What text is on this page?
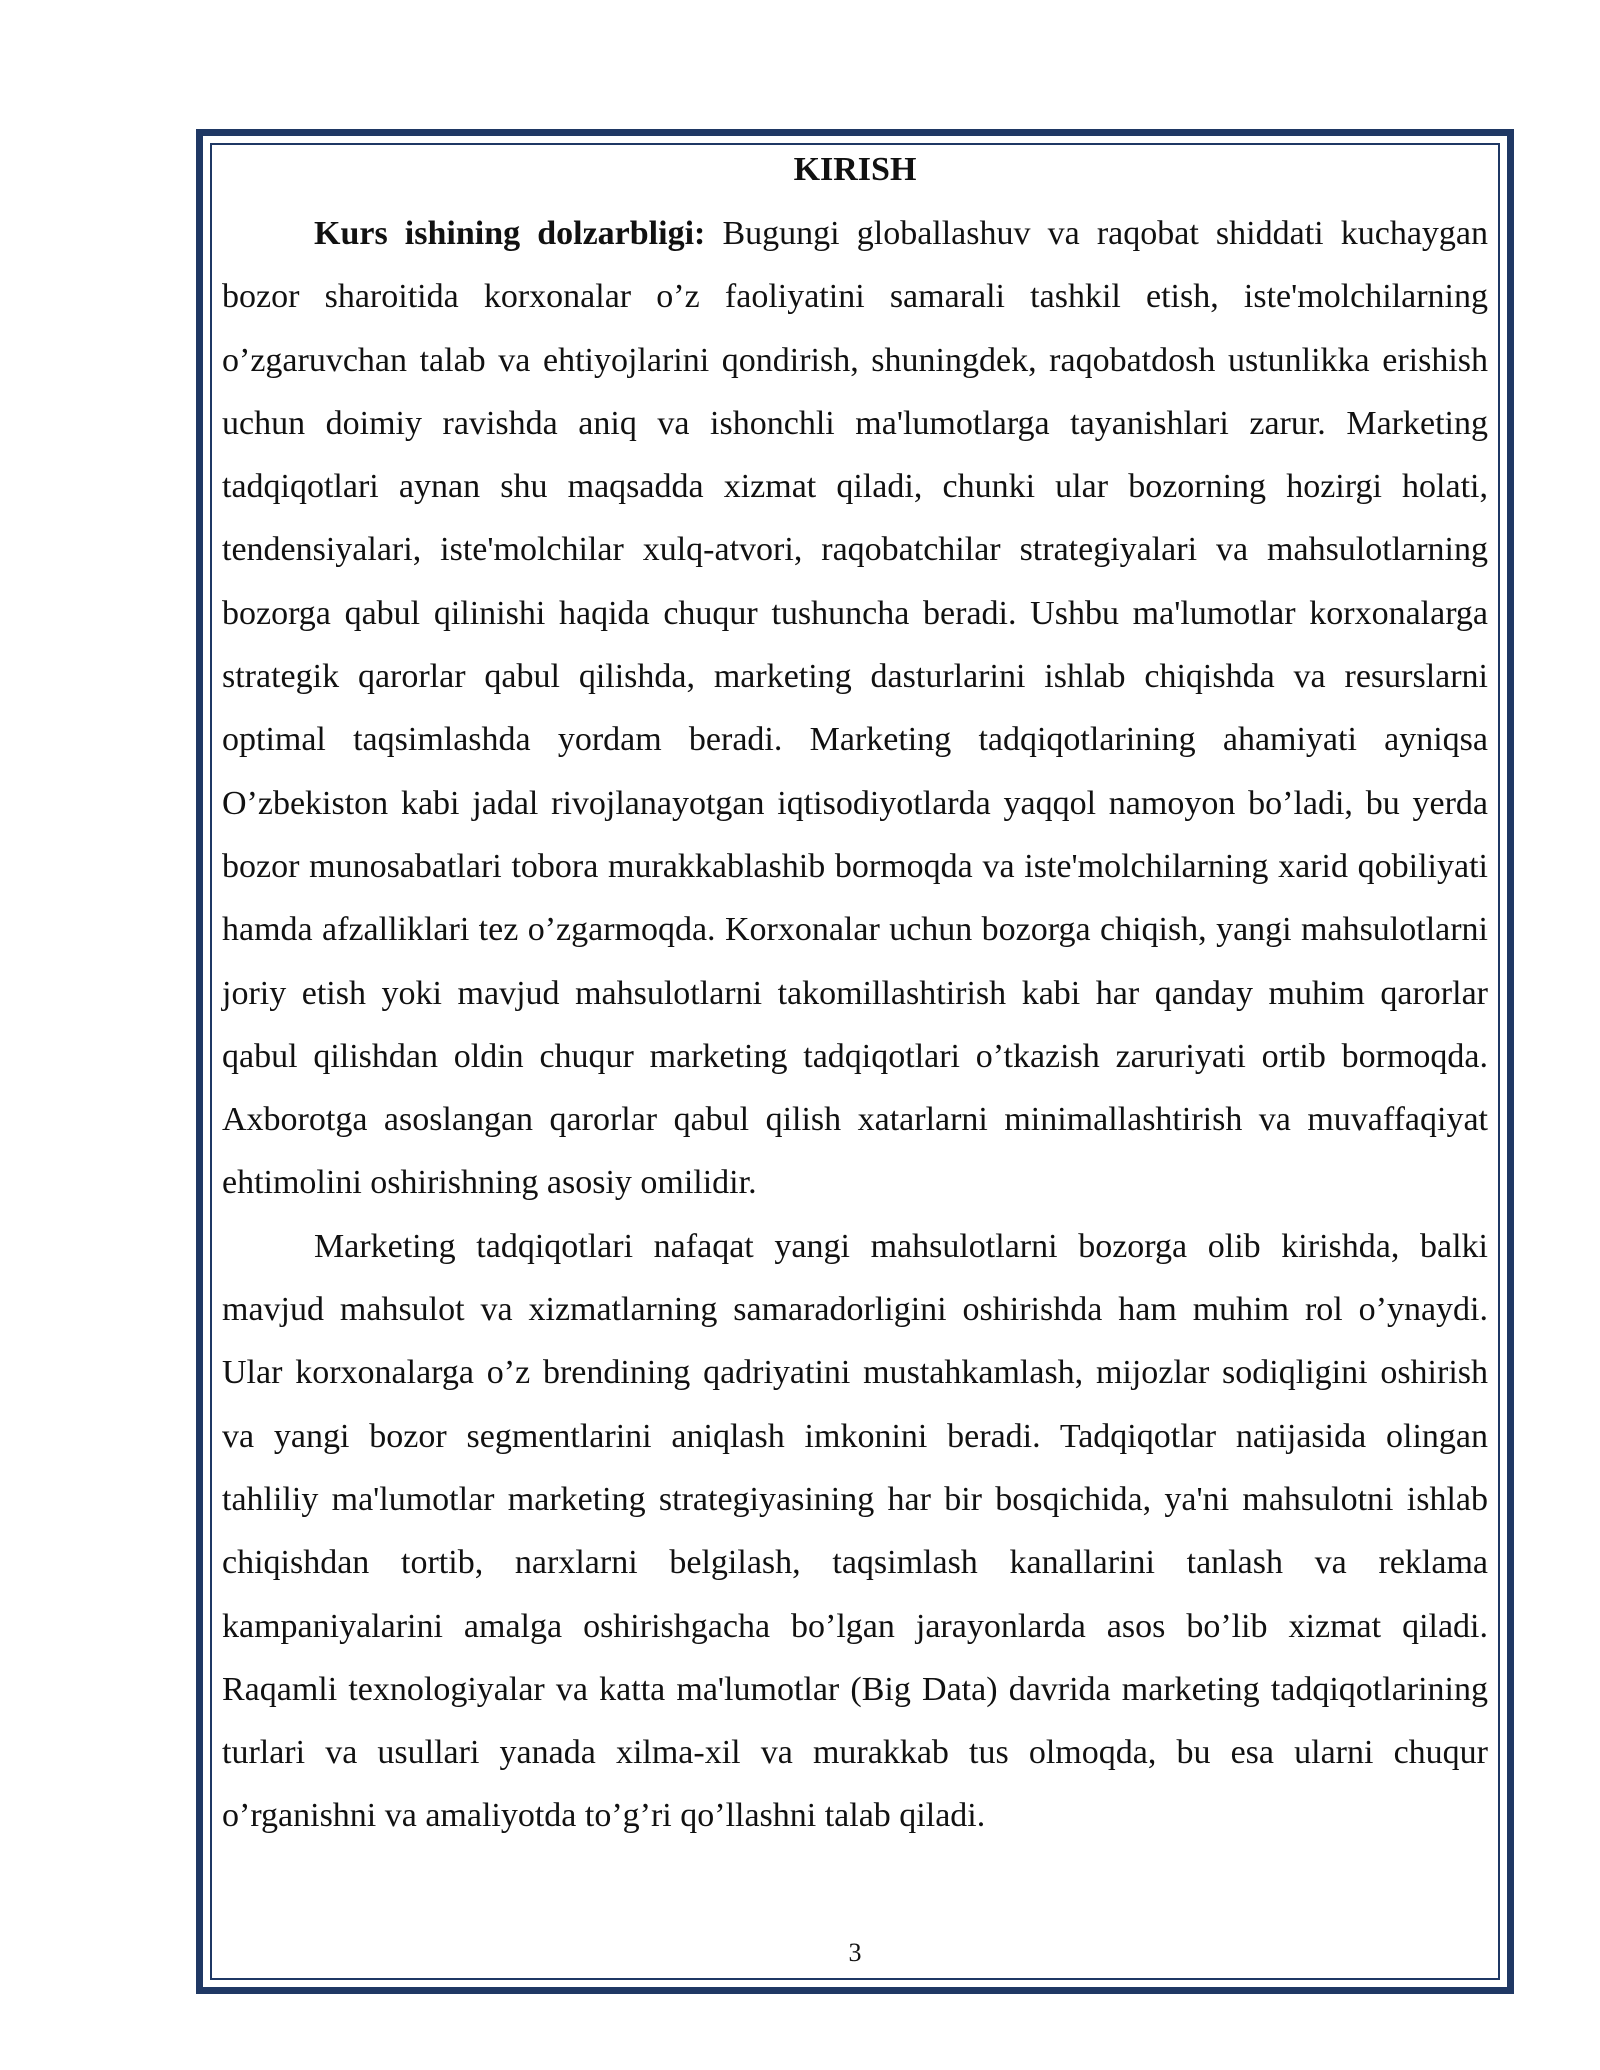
KIRISH

Kurs ishining dolzarbligi: Bugungi globallashuv va raqobat shiddati kuchaygan bozor sharoitida korxonalar o’z faoliyatini samarali tashkil etish, iste'molchilarning o’zgaruvchan talab va ehtiyojlarini qondirish, shuningdek, raqobatdosh ustunlikka erishish uchun doimiy ravishda aniq va ishonchli ma'lumotlarga tayanishlari zarur. Marketing tadqiqotlari aynan shu maqsadda xizmat qiladi, chunki ular bozorning hozirgi holati, tendensiyalari, iste'molchilar xulq-atvori, raqobatchilar strategiyalari va mahsulotlarning bozorga qabul qilinishi haqida chuqur tushuncha beradi. Ushbu ma'lumotlar korxonalarga strategik qarorlar qabul qilishda, marketing dasturlarini ishlab chiqishda va resurslarni optimal taqsimlashda yordam beradi. Marketing tadqiqotlarining ahamiyati ayniqsa O’zbekiston kabi jadal rivojlanayotgan iqtisodiyotlarda yaqqol namoyon bo’ladi, bu yerda bozor munosabatlari tobora murakkablashib bormoqda va iste'molchilarning xarid qobiliyati hamda afzalliklari tez o’zgarmoqda. Korxonalar uchun bozorga chiqish, yangi mahsulotlarni joriy etish yoki mavjud mahsulotlarni takomillashtirish kabi har qanday muhim qarorlar qabul qilishdan oldin chuqur marketing tadqiqotlari o’tkazish zaruriyati ortib bormoqda. Axborotga asoslangan qarorlar qabul qilish xatarlarni minimallashtirish va muvaffaqiyat ehtimolini oshirishning asosiy omilidir.

Marketing tadqiqotlari nafaqat yangi mahsulotlarni bozorga olib kirishda, balki mavjud mahsulot va xizmatlarning samaradorligini oshirishda ham muhim rol o’ynaydi. Ular korxonalarga o’z brendining qadriyatini mustahkamlash, mijozlar sodiqligini oshirish va yangi bozor segmentlarini aniqlash imkonini beradi. Tadqiqotlar natijasida olingan tahliliy ma'lumotlar marketing strategiyasining har bir bosqichida, ya'ni mahsulotni ishlab chiqishdan tortib, narxlarni belgilash, taqsimlash kanallarini tanlash va reklama kampaniyalarini amalga oshirishgacha bo’lgan jarayonlarda asos bo’lib xizmat qiladi. Raqamli texnologiyalar va katta ma'lumotlar (Big Data) davrida marketing tadqiqotlarining turlari va usullari yanada xilma-xil va murakkab tus olmoqda, bu esa ularni chuqur o’rganishni va amaliyotda to’g’ri qo’llashni talab qiladi.

3
